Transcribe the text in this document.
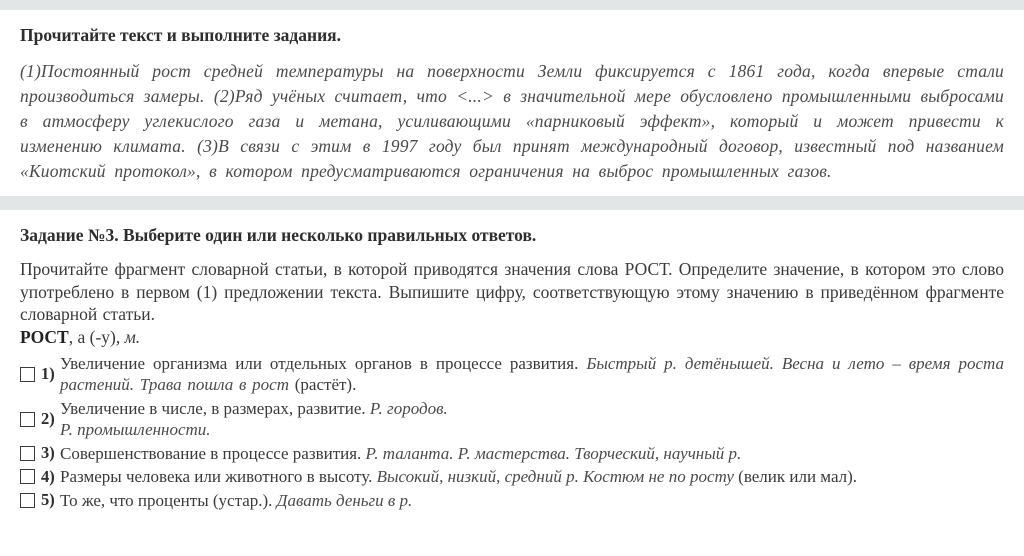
Прочитайте текст и выполните задания.

(1)Постоянный рост средней температуры на поверхности Земли фиксируется с 1861 года, когда впервые стали производиться замеры. (2)Ряд учёных считает, что <...> в значительной мере обусловлено промышленными выбросами в атмосферу углекислого газа и метана, усиливающими «парниковый эффект», который и может привести к изменению климата. (3)В связи с этим в 1997 году был принят международный договор, известный под названием «Киотский протокол», в котором предусматриваются ограничения на выброс промышленных газов.

Задание №3. Выберите один или несколько правильных ответов.

Прочитайте фрагмент словарной статьи, в которой приводятся значения слова РОСТ. Определите значение, в котором это слово употреблено в первом (1) предложении текста. Выпишите цифру, соответствующую этому значению в приведённом фрагменте словарной статьи.

РОСТ, а (-у), м.

1)
Увеличение организма или отдельных органов в процессе развития. Быстрый р. детёнышей. Весна и лето – время роста растений. Трава пошла в рост (растёт).
2)
Увеличение в числе, в размерах, развитие. Р. городов.
Р. промышленности.
3) Совершенствование в процессе развития. Р. таланта. Р. мастерства. Творческий, научный р.
4) Размеры человека или животного в высоту. Высокий, низкий, средний р. Костюм не по росту (велик или мал).
5) То же, что проценты (устар.). Давать деньги в р.
